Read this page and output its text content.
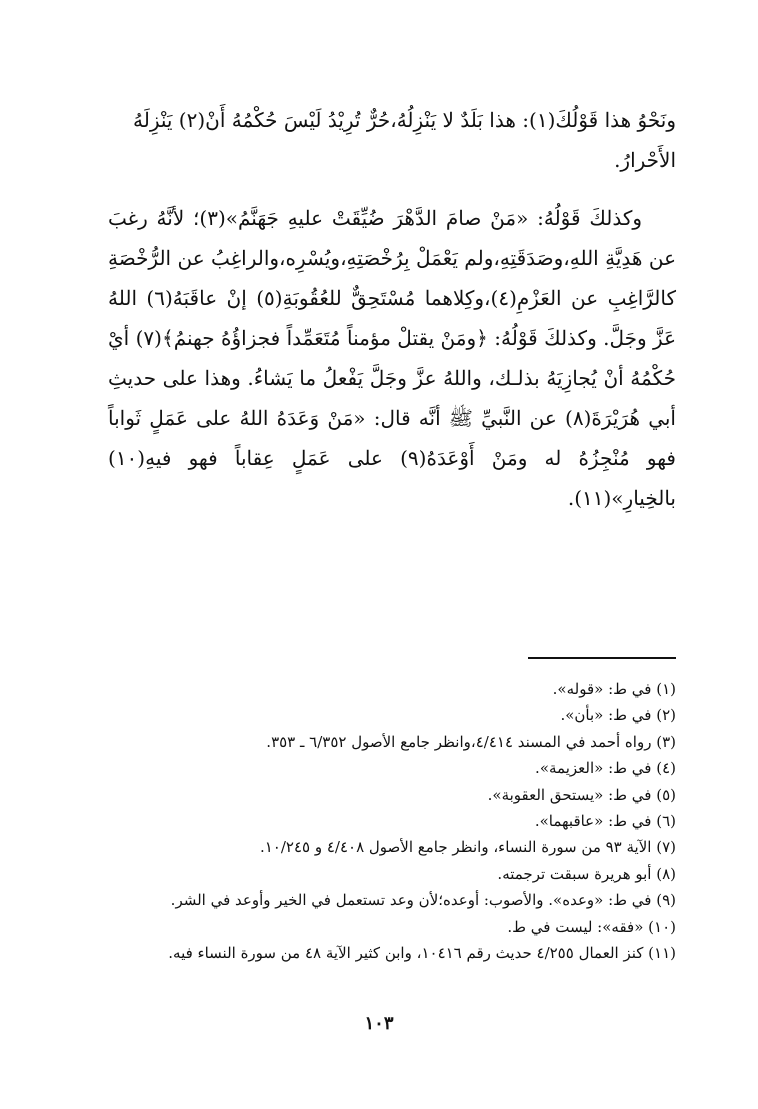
ونَحْوُ هذا قَوْلُكَ(١): هذا بَلَدٌ لا يَنْزِلُهُ،حُرٌّ تُرِيْدُ لَيْسَ حُكْمُهُ أَنْ(٢) يَنْزِلَهُ الأَحْرارُ.

وكذلكَ قَوْلُهُ: «مَنْ صامَ الدَّهْرَ ضُيِّقَتْ عليهِ جَهَنَّمُ»(٣)؛ لأنَّهُ رغبَ عن هَدِيَّةِ اللهِ،وصَدَقَتِهِ،ولم يَعْمَلْ بِرُخْصَتِهِ،ويُسْرِه،والراغِبُ عن الرُّخْصَةِ كالرَّاغِبِ عن العَزْمِ(٤)،وكِلاهما مُسْتَحِقٌّ للعُقُوبَةِ(٥) إنْ عاقَبَهُ(٦) اللهُ عَزَّ وجَلَّ. وكذلكَ قَوْلُهُ: ﴿ومَنْ يقتلْ مؤمناً مُتَعَمِّداً فجزاؤُهُ جهنمُ﴾(٧) أيْ حُكْمُهُ أنْ يُجازِيَهُ بذلـك، واللهُ عزَّ وجَلَّ يَفْعلُ ما يَشاءُ. وهذا على حديثِ أبي هُرَيْرَةَ(٨) عن النَّبيِّ ﷺ أنَّه قال: «مَنْ وَعَدَهُ اللهُ على عَمَلٍ ثَواباً فهو مُنْجِزُهُ له ومَنْ أَوْعَدَهُ(٩) على عَمَلٍ عِقاباً فهو فيهِ(١٠) بالخِيارِ»(١١).

(١) في ط: «قوله».
(٢) في ط: «بأن».
(٣) رواه أحمد في المسند ٤/٤١٤،وانظر جامع الأصول ٦/٣٥٢ ـ ٣٥٣.
(٤) في ط: «العزيمة».
(٥) في ط: «يستحق العقوبة».
(٦) في ط: «عاقبهما».
(٧) الآية ٩٣ من سورة النساء، وانظر جامع الأصول ٤/٤٠٨ و ١٠/٢٤٥.
(٨) أبو هريرة سبقت ترجمته.
(٩) في ط: «وعده». والأصوب: أوعده؛لأن وعد تستعمل في الخير وأوعد في الشر.
(١٠) «فقه»: ليست في ط.
(١١) كنز العمال ٤/٢٥٥ حديث رقم ١٠٤١٦، وابن كثير الآية ٤٨ من سورة النساء فيه.
١٠٣
